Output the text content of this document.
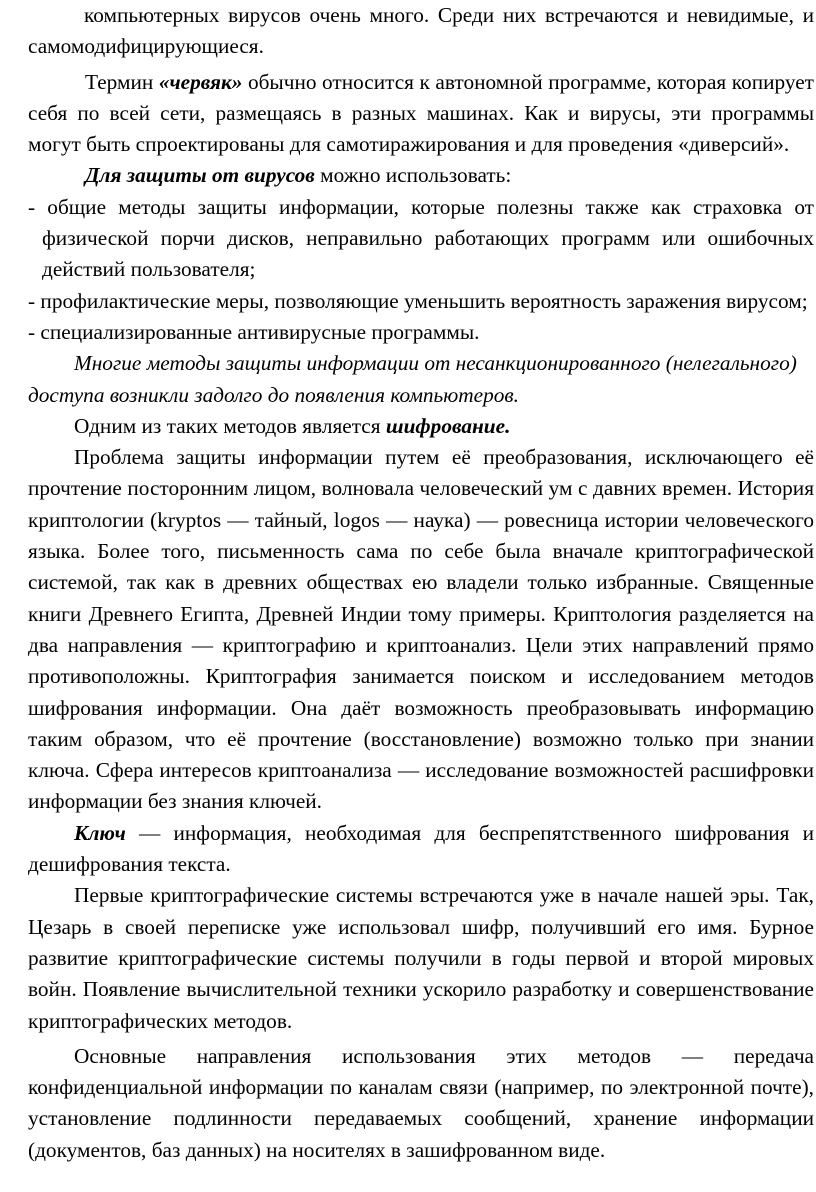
компьютерных вирусов очень много. Среди них встречаются и невидимые, и самомодифицирующиеся.

Термин «червяк» обычно относится к автономной программе, которая копирует себя по всей сети, размещаясь в разных машинах. Как и вирусы, эти программы могут быть спроектированы для самотиражирования и для проведения «диверсий».

Для защиты от вирусов можно использовать:

- общие методы защиты информации, которые полезны также как страховка от физической порчи дисков, неправильно работающих программ или ошибочных действий пользователя;
- профилактические меры, позволяющие уменьшить вероятность заражения вирусом;
- специализированные антивирусные программы.

Многие методы защиты информации от несанкционированного (нелегального) доступа возникли задолго до появления компьютеров.

Одним из таких методов является шифрование.

Проблема защиты информации путем её преобразования, исключающего её прочтение посторонним лицом, волновала человеческий ум с давних времен. История криптологии (kryptos — тайный, logos — наука) — ровесница истории человеческого языка. Более того, письменность сама по себе была вначале криптографической системой, так как в древних обществах ею владели только избранные. Священные книги Древнего Египта, Древней Индии тому примеры. Криптология разделяется на два направления — криптографию и криптоанализ. Цели этих направлений прямо противоположны. Криптография занимается поиском и исследованием методов шифрования информации. Она даёт возможность преобразовывать информацию таким образом, что её прочтение (восстановление) возможно только при знании ключа. Сфера интересов криптоанализа — исследование возможностей расшифровки информации без знания ключей.

Ключ — информация, необходимая для беспрепятственного шифрования и дешифрования текста.

Первые криптографические системы встречаются уже в начале нашей эры. Так, Цезарь в своей переписке уже использовал шифр, получивший его имя. Бурное развитие криптографические системы получили в годы первой и второй мировых войн. Появление вычислительной техники ускорило разработку и совершенствование криптографических методов.

Основные направления использования этих методов — передача конфиденциальной информации по каналам связи (например, по электронной почте), установление подлинности передаваемых сообщений, хранение информации (документов, баз данных) на носителях в зашифрованном виде.
